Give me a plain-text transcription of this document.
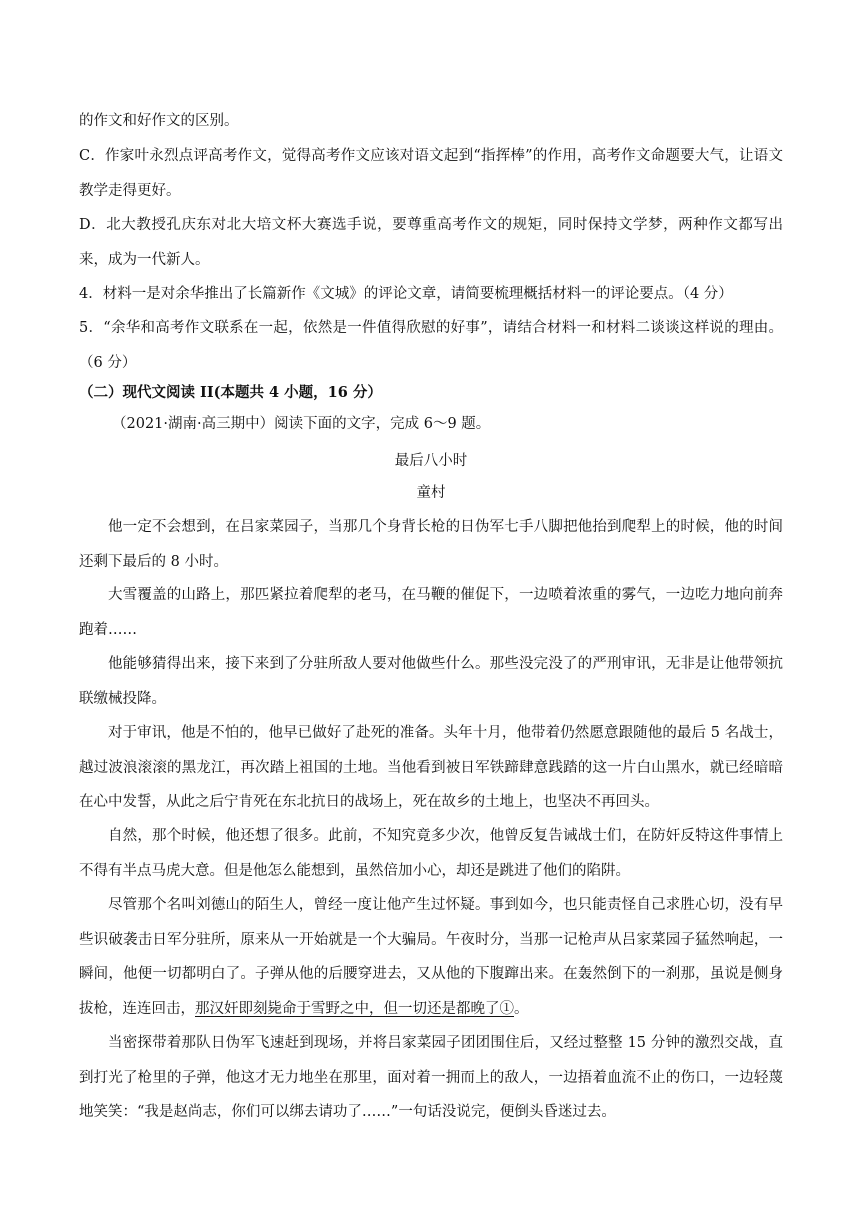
的作文和好作文的区别。

C．作家叶永烈点评高考作文，觉得高考作文应该对语文起到“指挥棒”的作用，高考作文命题要大气，让语文教学走得更好。

D．北大教授孔庆东对北大培文杯大赛选手说，要尊重高考作文的规矩，同时保持文学梦，两种作文都写出来，成为一代新人。

4．材料一是对余华推出了长篇新作《文城》的评论文章，请简要梳理概括材料一的评论要点。（4 分）

5．“余华和高考作文联系在一起，依然是一件值得欣慰的好事”，请结合材料一和材料二谈谈这样说的理由。（6 分）

（二）现代文阅读 II(本题共 4 小题，16 分）

（2021·湖南·高三期中）阅读下面的文字，完成 6～9 题。

最后八小时

童村

他一定不会想到，在吕家菜园子，当那几个身背长枪的日伪军七手八脚把他抬到爬犁上的时候，他的时间还剩下最后的 8 小时。

大雪覆盖的山路上，那匹紧拉着爬犁的老马，在马鞭的催促下，一边喷着浓重的雾气，一边吃力地向前奔跑着……

他能够猜得出来，接下来到了分驻所敌人要对他做些什么。那些没完没了的严刑审讯，无非是让他带领抗联缴械投降。

对于审讯，他是不怕的，他早已做好了赴死的准备。头年十月，他带着仍然愿意跟随他的最后 5 名战士，越过波浪滚滚的黑龙江，再次踏上祖国的土地。当他看到被日军铁蹄肆意践踏的这一片白山黑水，就已经暗暗在心中发誓，从此之后宁肯死在东北抗日的战场上，死在故乡的土地上，也坚决不再回头。

自然，那个时候，他还想了很多。此前，不知究竟多少次，他曾反复告诫战士们，在防奸反特这件事情上不得有半点马虎大意。但是他怎么能想到，虽然倍加小心，却还是跳进了他们的陷阱。

尽管那个名叫刘德山的陌生人，曾经一度让他产生过怀疑。事到如今，也只能责怪自己求胜心切，没有早些识破袭击日军分驻所，原来从一开始就是一个大骗局。午夜时分，当那一记枪声从吕家菜园子猛然响起，一瞬间，他便一切都明白了。子弹从他的后腰穿进去，又从他的下腹蹿出来。在轰然倒下的一刹那，虽说是侧身拔枪，连连回击，那汉奸即刻毙命于雪野之中，但一切还是都晚了①。

当密探带着那队日伪军飞速赶到现场，并将吕家菜园子团团围住后，又经过整整 15 分钟的激烈交战，直到打光了枪里的子弹，他这才无力地坐在那里，面对着一拥而上的敌人，一边捂着血流不止的伤口，一边轻蔑地笑笑：“我是赵尚志，你们可以绑去请功了……”一句话没说完，便倒头昏迷过去。
